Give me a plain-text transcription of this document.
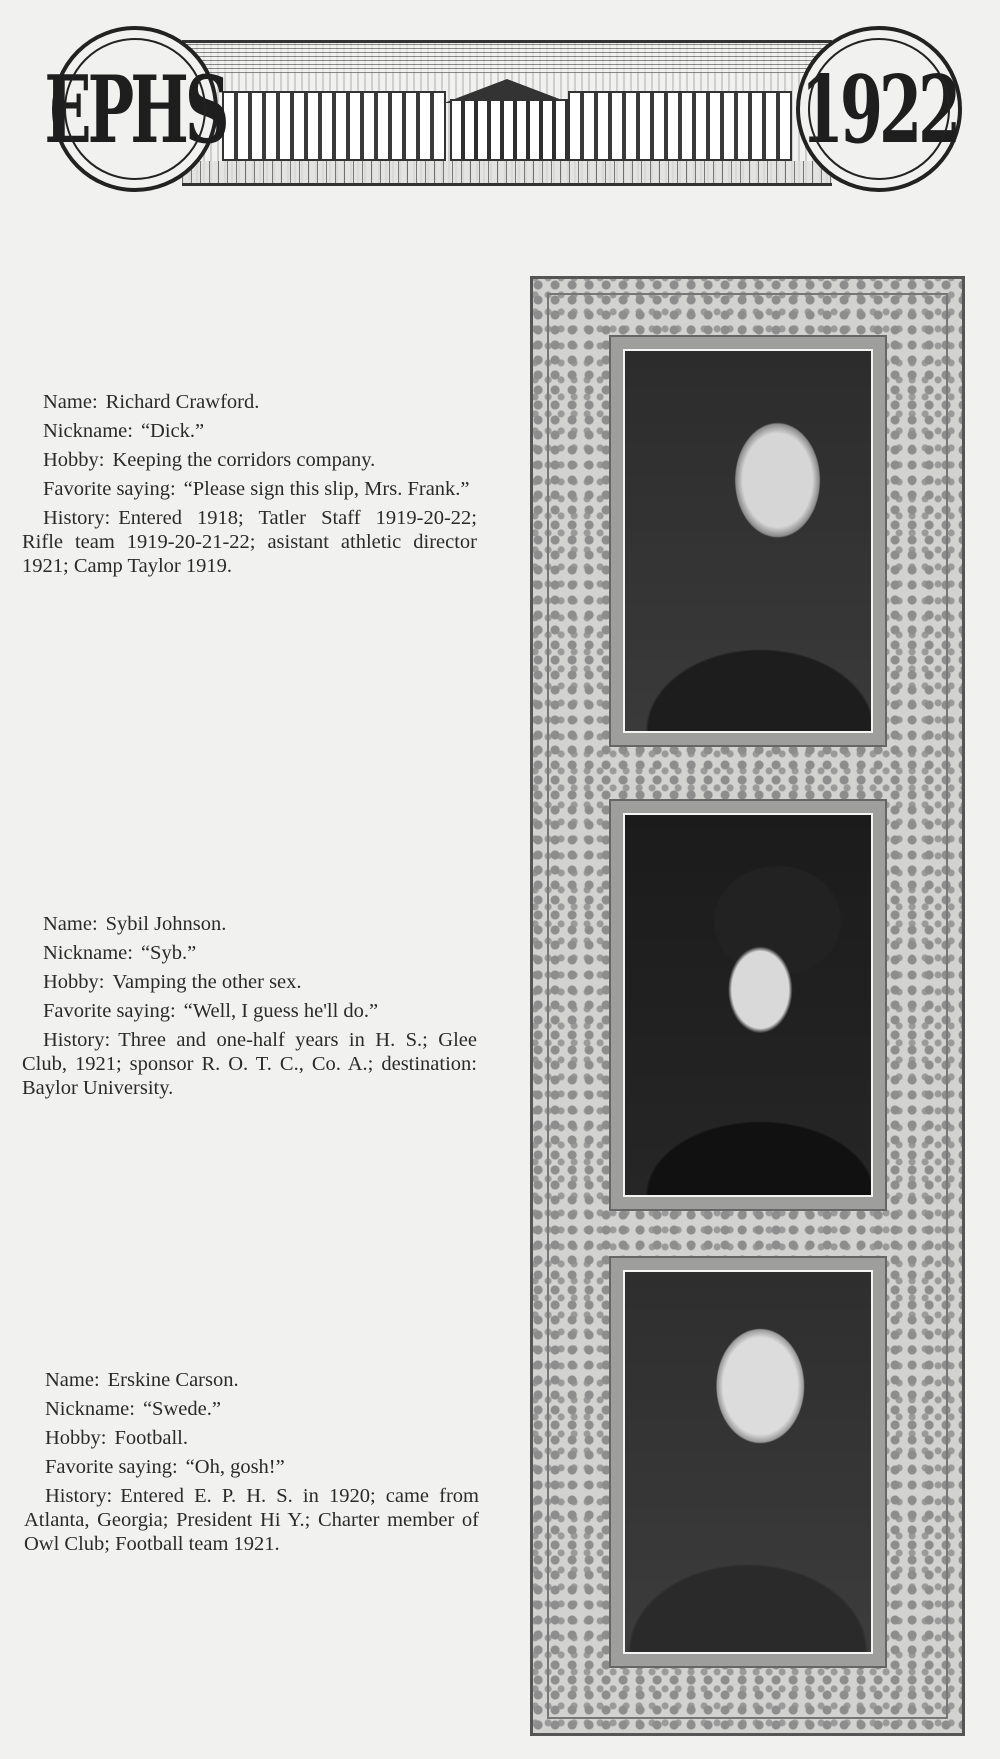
EPHS	1922

Name: Richard Crawford.

Nickname: “Dick.”

Hobby: Keeping the corridors company.

Favorite saying: “Please sign this slip, Mrs. Frank.”

History: Entered 1918; Tatler Staff 1919-20-22; Rifle team 1919-20-21-22; asistant athletic director 1921; Camp Taylor 1919.

Name: Sybil Johnson.

Nickname: “Syb.”

Hobby: Vamping the other sex.

Favorite saying: “Well, I guess he'll do.”

History: Three and one-half years in H. S.; Glee Club, 1921; sponsor R. O. T. C., Co. A.; destination: Baylor University.

Name: Erskine Carson.

Nickname: “Swede.”

Hobby: Football.

Favorite saying: “Oh, gosh!”

History: Entered E. P. H. S. in 1920; came from Atlanta, Georgia; President Hi Y.; Charter member of Owl Club; Football team 1921.
